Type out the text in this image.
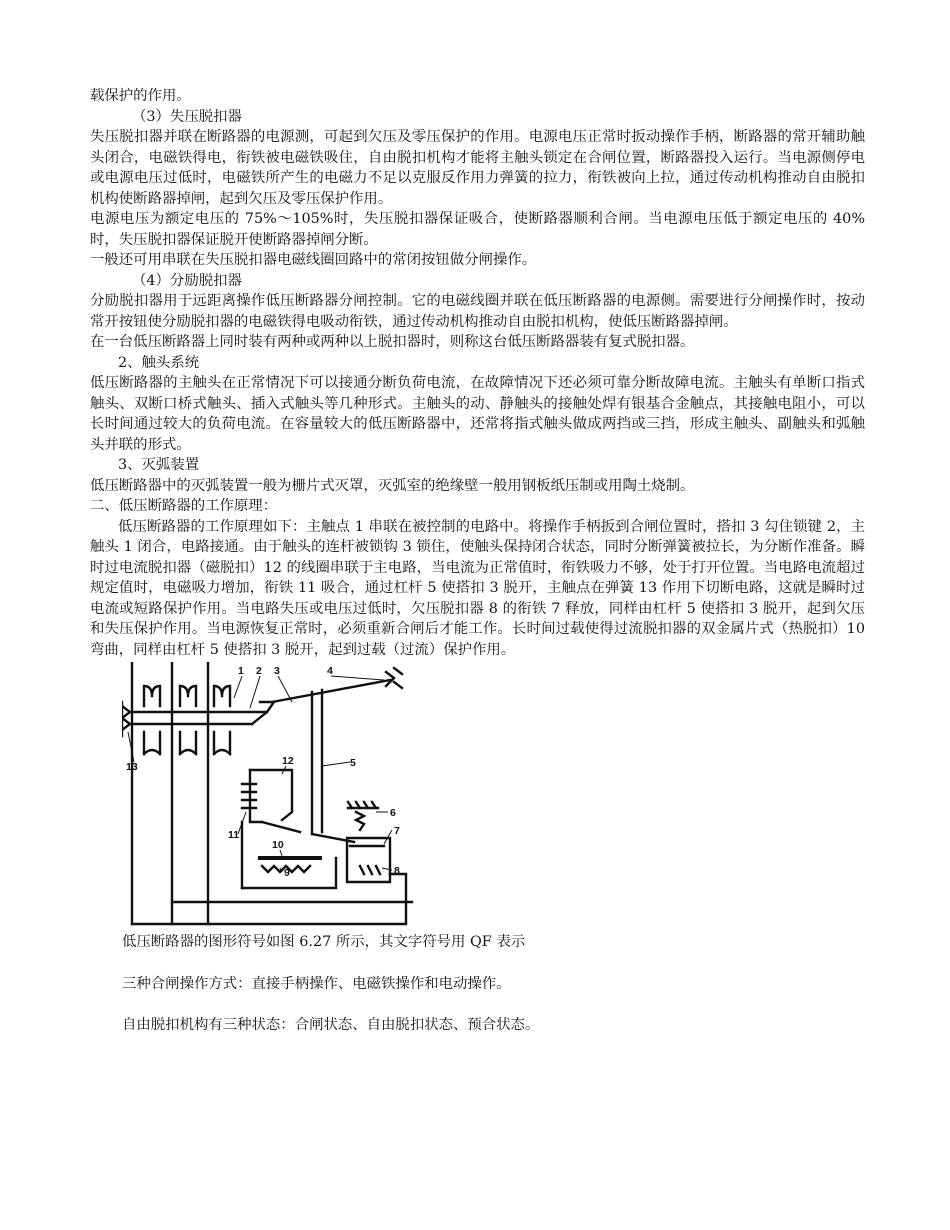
载保护的作用。

（3）失压脱扣器

失压脱扣器并联在断路器的电源测，可起到欠压及零压保护的作用。电源电压正常时扳动操作手柄，断路器的常开辅助触头闭合，电磁铁得电，衔铁被电磁铁吸住，自由脱扣机构才能将主触头锁定在合闸位置，断路器投入运行。当电源侧停电或电源电压过低时，电磁铁所产生的电磁力不足以克服反作用力弹簧的拉力，衔铁被向上拉，通过传动机构推动自由脱扣机构使断路器掉闸，起到欠压及零压保护作用。

电源电压为额定电压的 75%～105%时，失压脱扣器保证吸合，使断路器顺利合闸。当电源电压低于额定电压的 40%时，失压脱扣器保证脱开使断路器掉闸分断。

一般还可用串联在失压脱扣器电磁线圈回路中的常闭按钮做分闸操作。

（4）分励脱扣器

分励脱扣器用于远距离操作低压断路器分闸控制。它的电磁线圈并联在低压断路器的电源侧。需要进行分闸操作时，按动常开按钮使分励脱扣器的电磁铁得电吸动衔铁，通过传动机构推动自由脱扣机构，使低压断路器掉闸。

在一台低压断路器上同时装有两种或两种以上脱扣器时，则称这台低压断路器装有复式脱扣器。

2、触头系统

低压断路器的主触头在正常情况下可以接通分断负荷电流，在故障情况下还必须可靠分断故障电流。主触头有单断口指式触头、双断口桥式触头、插入式触头等几种形式。主触头的动、静触头的接触处焊有银基合金触点，其接触电阻小，可以长时间通过较大的负荷电流。在容量较大的低压断路器中，还常将指式触头做成两挡或三挡，形成主触头、副触头和弧触头并联的形式。

3、灭弧装置

低压断路器中的灭弧装置一般为栅片式灭罩，灭弧室的绝缘壁一般用钢板纸压制或用陶土烧制。

二、低压断路器的工作原理：

低压断路器的工作原理如下：主触点 1 串联在被控制的电路中。将操作手柄扳到合闸位置时，搭扣 3 勾住锁键 2，主触头 1 闭合，电路接通。由于触头的连杆被锁钩 3 锁住，使触头保持闭合状态，同时分断弹簧被拉长，为分断作准备。瞬时过电流脱扣器（磁脱扣）12 的线圈串联于主电路，当电流为正常值时，衔铁吸力不够，处于打开位置。当电路电流超过规定值时，电磁吸力增加，衔铁 11 吸合，通过杠杆 5 使搭扣 3 脱开，主触点在弹簧 13 作用下切断电路，这就是瞬时过电流或短路保护作用。当电路失压或电压过低时，欠压脱扣器 8 的衔铁 7 释放，同样由杠杆 5 使搭扣 3 脱开，起到欠压和失压保护作用。当电源恢复正常时，必须重新合闸后才能工作。长时间过载使得过流脱扣器的双金属片式（热脱扣）10 弯曲，同样由杠杆 5 使搭扣 3 脱开，起到过载（过流）保护作用。

1 2 3	4
5
6
7
8
9
10
11
12
13

低压断路器的图形符号如图 6.27 所示，其文字符号用 QF 表示

三种合闸操作方式：直接手柄操作、电磁铁操作和电动操作。

自由脱扣机构有三种状态：合闸状态、自由脱扣状态、预合状态。
